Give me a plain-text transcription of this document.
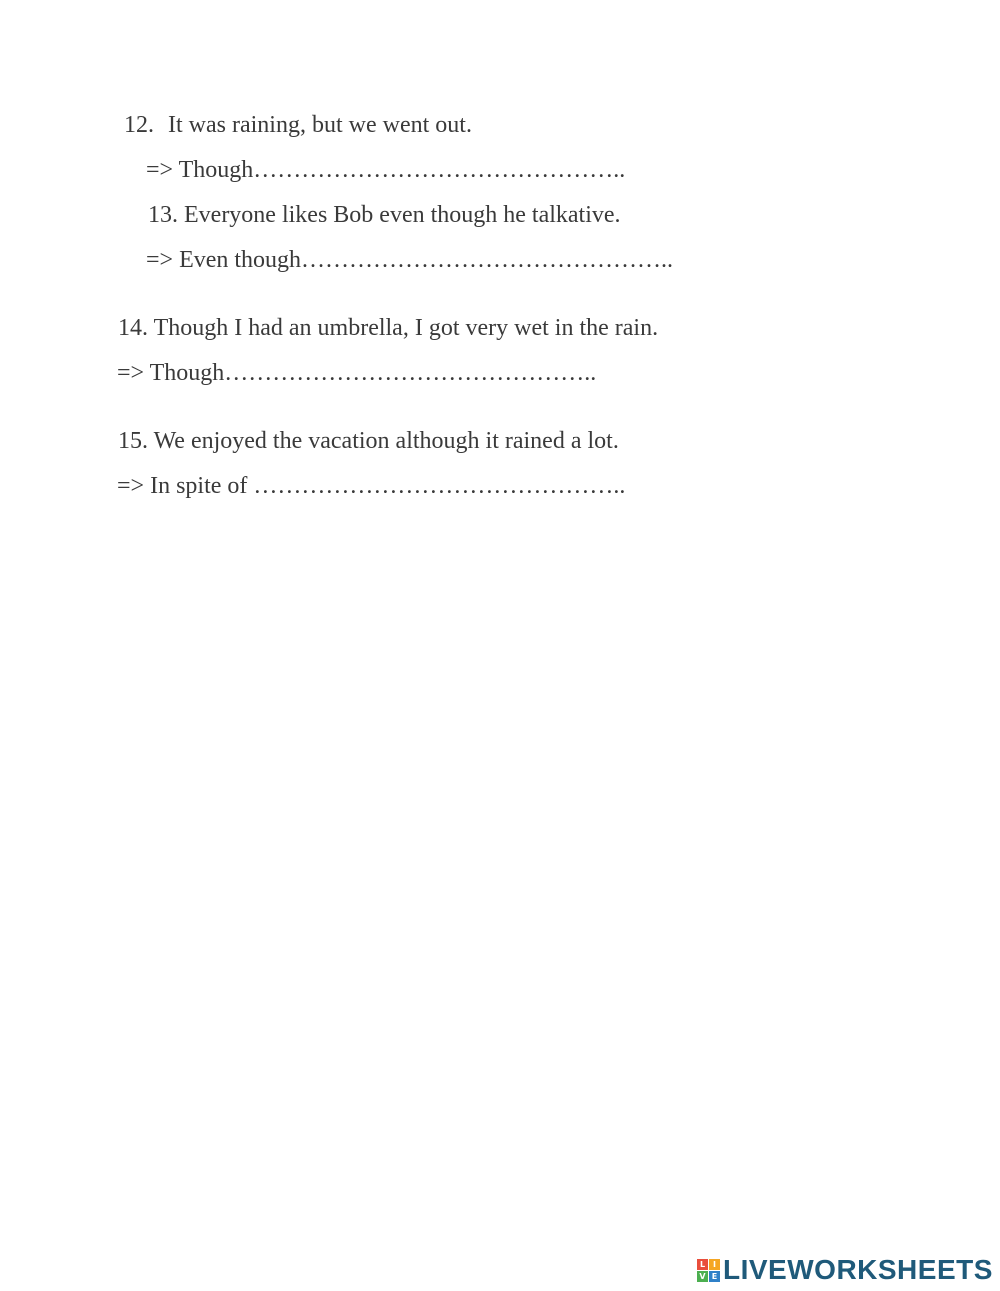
12. It was raining, but we went out.
=> Though………………………………………..
13. Everyone likes Bob even though he talkative.
=> Even though………………………………………..
14. Though I had an umbrella, I got very wet in the rain.
=> Though………………………………………..
15. We enjoyed the vacation although it rained a lot.
=> In spite of ………………………………………..
L I
V E LIVEWORKSHEETS
